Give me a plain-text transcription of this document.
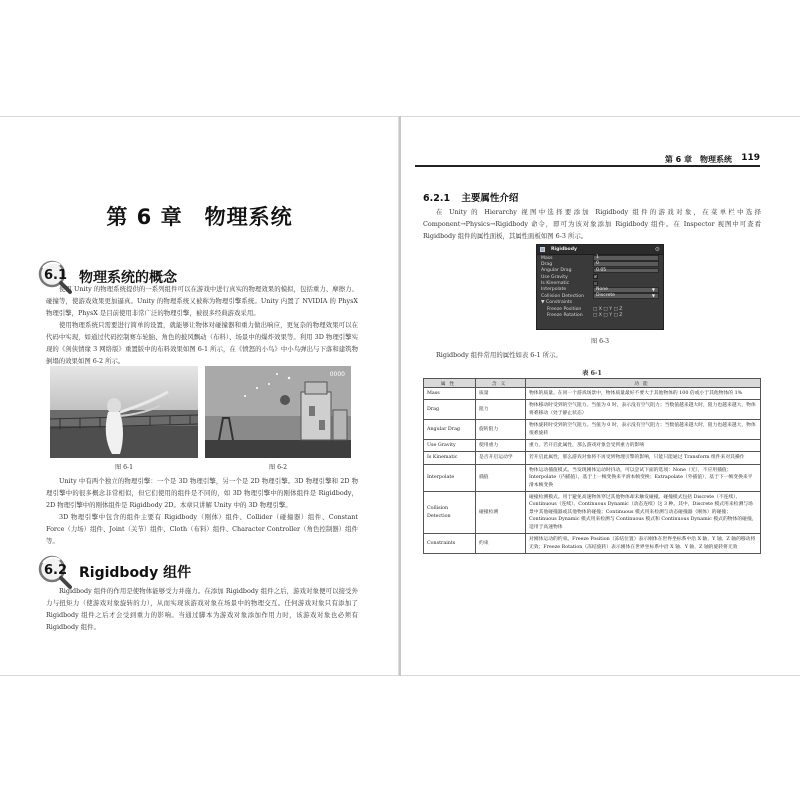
第 6 章　物理系统
6.1 物理系统的概念

使用 Unity 的物理系统提供的一系列组件可以在游戏中进行真实的物理效果的模拟，包括重力、摩擦力、碰撞等，使游戏效果更加逼真。Unity 的物理系统又被称为物理引擎系统。Unity 内置了 NVIDIA 的 PhysX 物理引擎，PhysX 是目前使用非常广泛的物理引擎，被很多经典游戏采用。

使用物理系统只需要进行简单的设置，就能够让物体对碰撞器和重力做出响应，更复杂的物理效果可以在代码中实现，如通过代码控制赛车轮胎、角色的披风飘动（布料）、场景中的爆炸效果等。利用 3D 物理引擎实现的《剑侠情缘 3 网络版》重置版中的布料效果如图 6-1 所示，在《愤怒的小鸟》中小鸟弹出与下落和建筑物倒塌的效果如图 6-2 所示。

图 6-1
0000
图 6-2

Unity 中有两个独立的物理引擎：一个是 3D 物理引擎，另一个是 2D 物理引擎。3D 物理引擎和 2D 物理引擎中的很多概念非常相似，但它们使用的组件是不同的，如 3D 物理引擎中的刚体组件是 Rigidbody，2D 物理引擎中的刚体组件是 Rigidbody 2D。本章只讲解 Unity 中的 3D 物理引擎。

3D 物理引擎中包含的组件主要有 Rigidbody（刚体）组件、Collider（碰撞器）组件、Constant Force（力场）组件、Joint（关节）组件、Cloth（布料）组件、Character Controller（角色控制器）组件等。

6.2 Rigidbody 组件

Rigidbody 组件的作用是使物体能够受力并施力。在添加 Rigidbody 组件之后，游戏对象便可以接受外力与扭矩力（使游戏对象旋转的力），从而实现该游戏对象在场景中的物理交互。任何游戏对象只有添加了 Rigidbody 组件之后才会受到重力的影响。当通过脚本为游戏对象添加作用力时，该游戏对象也必须有 Rigidbody 组件。

第 6 章　物理系统 119
6.2.1 主要属性介绍

在 Unity 的 Hierarchy 视图中选择要添加 Rigidbody 组件的游戏对象，在菜单栏中选择 Component→Physics→Rigidbody 命令，即可为该对象添加 Rigidbody 组件。在 Inspector 视图中可查看 Rigidbody 组件的属性面板，其属性面板如图 6-3 所示。

Rigidbody	⚙
Mass	1
Drag	0
Angular Drag	0.05
Use Gravity	✓
Is Kinematic
Interpolate	None	▼
Collision Detection	Discrete	▼
▼ Constraints
Freeze Position	□ X □ Y □ Z
Freeze Rotation □ X □ Y □ Z
图 6-3

Rigidbody 组件常用的属性如表 6-1 所示。

表 6-1
属性	含义	功能
Mass	质量	物体的质量。在同一个游戏场景中，物体质量最好不要大于其他物体的 100 倍或小于其他物体的 1%
Drag	阻力	物体移动时受到的空气阻力。当值为 0 时，表示没有空气阻力；当数值越来越大时，阻力也越来越大，物体将难移动（处于静止状态）
Angular Drag	旋转阻力	物体旋转时受到的空气阻力。当值为 0 时，表示没有空气阻力；当数值越来越大时，阻力也越来越大，物体很难旋转
Use Gravity	使用重力	重力。若开启此属性，那么游戏对象会受到重力的影响
Is Kinematic	是否开启运动学	若开启此属性，那么游戏对象将不再受到物理引擎的影响，只能只能通过 Transform 组件来对其操作
Interpolate	插值	物体运动插值模式。当发现刚体运动时抖动，可以尝试下面的选项：None（无），不应用插值；Interpolate（内插值），基于上一帧变换来平滑本帧变换；Extrapolate（外插值），基于下一帧变换来平滑本帧变换
Collision Detection	碰撞检测	碰撞检测模式。用于避免高速物体穿过其他物体却未触发碰撞。碰撞模式包括 Discrete（不连续）、Continuous（连续）、Continuous Dynamic（动态连续）这 3 种。其中，Discrete 模式用来检测与场景中其他碰撞器或其他物体的碰撞；Continuous 模式用来检测与动态碰撞器（刚体）的碰撞；Continuous Dynamic 模式用来检测与 Continuous 模式和 Continuous Dynamic 模式的物体的碰撞，适用于高速物体
Constraints	约束	对刚体运动的约束。Freeze Position（冻结位置）表示刚体在世界坐标系中沿 X 轴、Y 轴、Z 轴的移动将无效；Freeze Rotation（冻结旋转）表示刚体在世界坐标系中沿 X 轴、Y 轴、Z 轴的旋转将无效
